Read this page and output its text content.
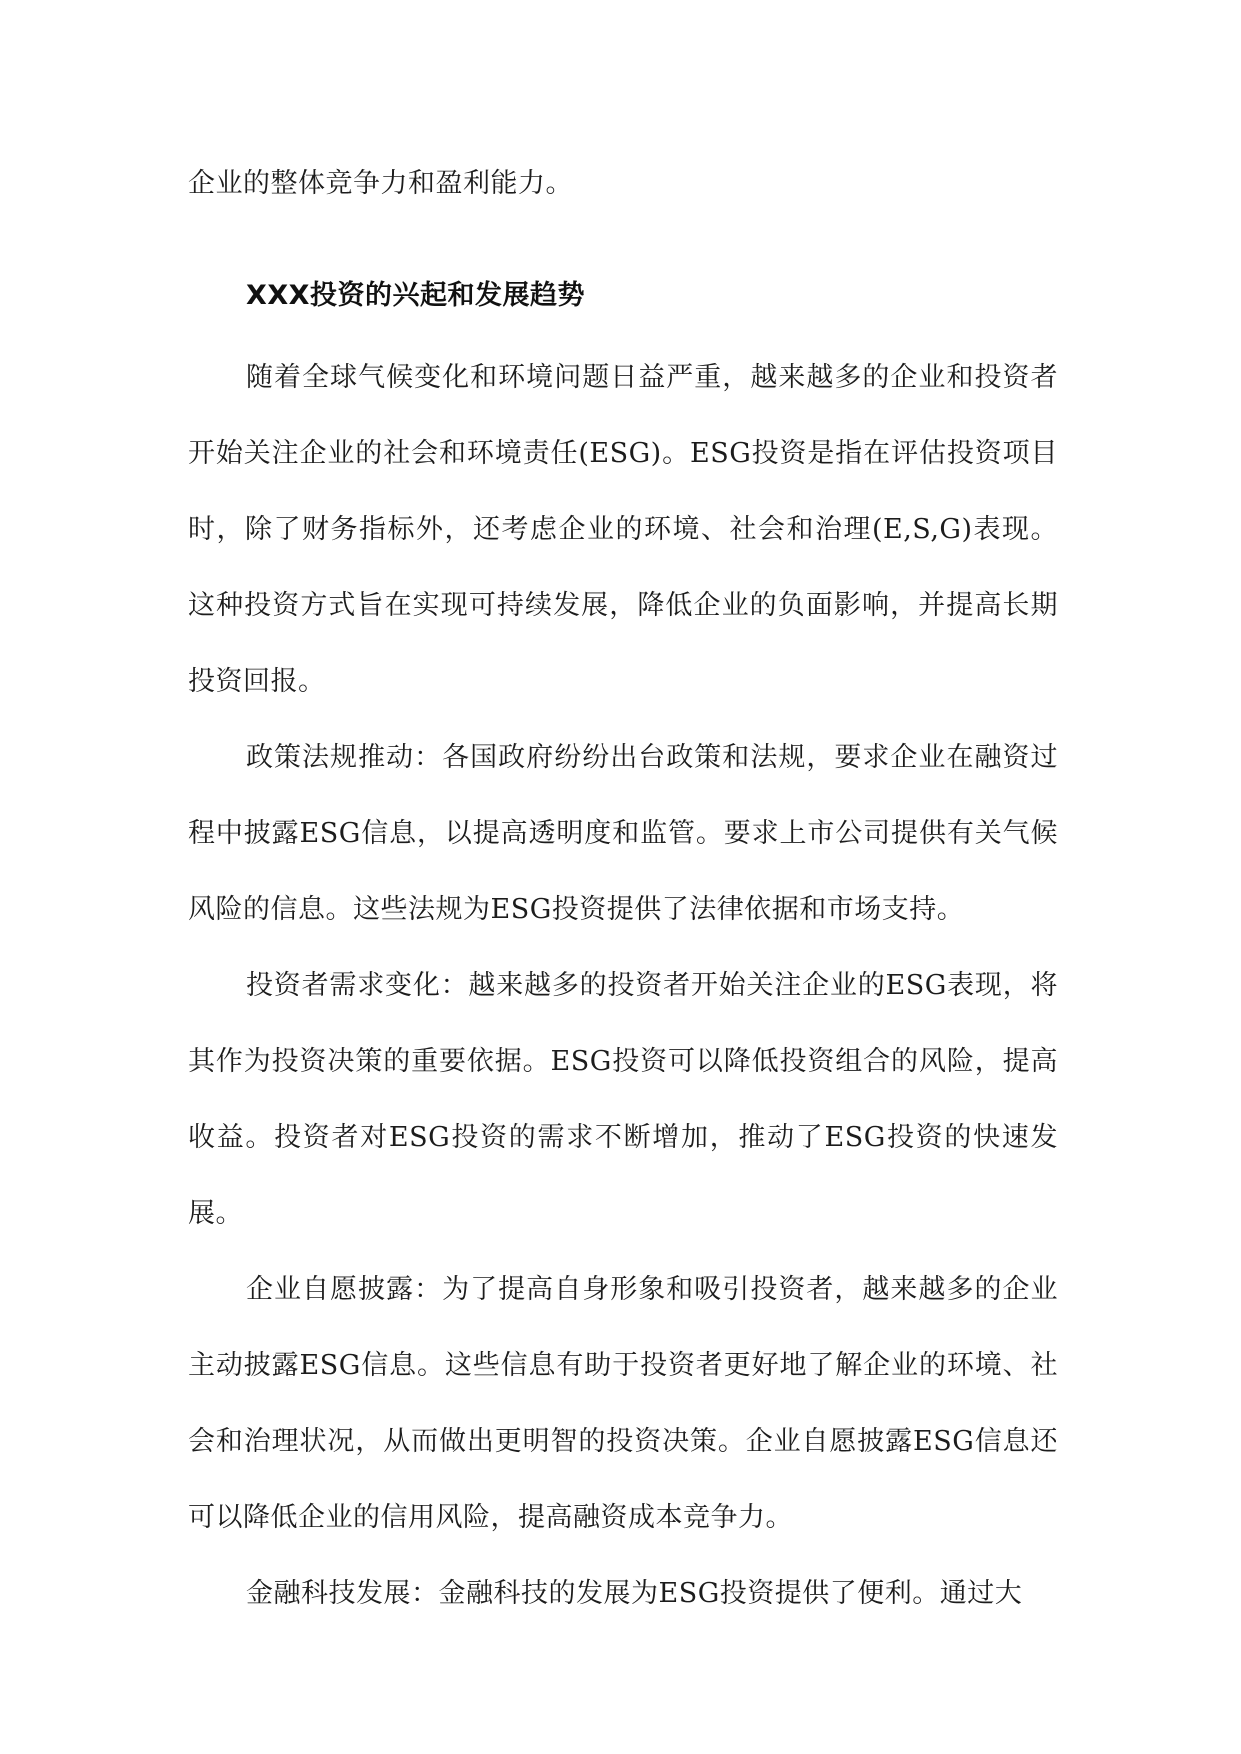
企业的整体竞争力和盈利能力。

XXX投资的兴起和发展趋势

随着全球气候变化和环境问题日益严重，越来越多的企业和投资者开始关注企业的社会和环境责任(ESG)。ESG投资是指在评估投资项目时，除了财务指标外，还考虑企业的环境、社会和治理(E,S,G)表现。这种投资方式旨在实现可持续发展，降低企业的负面影响，并提高长期投资回报。

政策法规推动：各国政府纷纷出台政策和法规，要求企业在融资过程中披露ESG信息，以提高透明度和监管。要求上市公司提供有关气候风险的信息。这些法规为ESG投资提供了法律依据和市场支持。

投资者需求变化：越来越多的投资者开始关注企业的ESG表现，将其作为投资决策的重要依据。ESG投资可以降低投资组合的风险，提高收益。投资者对ESG投资的需求不断增加，推动了ESG投资的快速发展。

企业自愿披露：为了提高自身形象和吸引投资者，越来越多的企业主动披露ESG信息。这些信息有助于投资者更好地了解企业的环境、社会和治理状况，从而做出更明智的投资决策。企业自愿披露ESG信息还可以降低企业的信用风险，提高融资成本竞争力。

金融科技发展：金融科技的发展为ESG投资提供了便利。通过大
